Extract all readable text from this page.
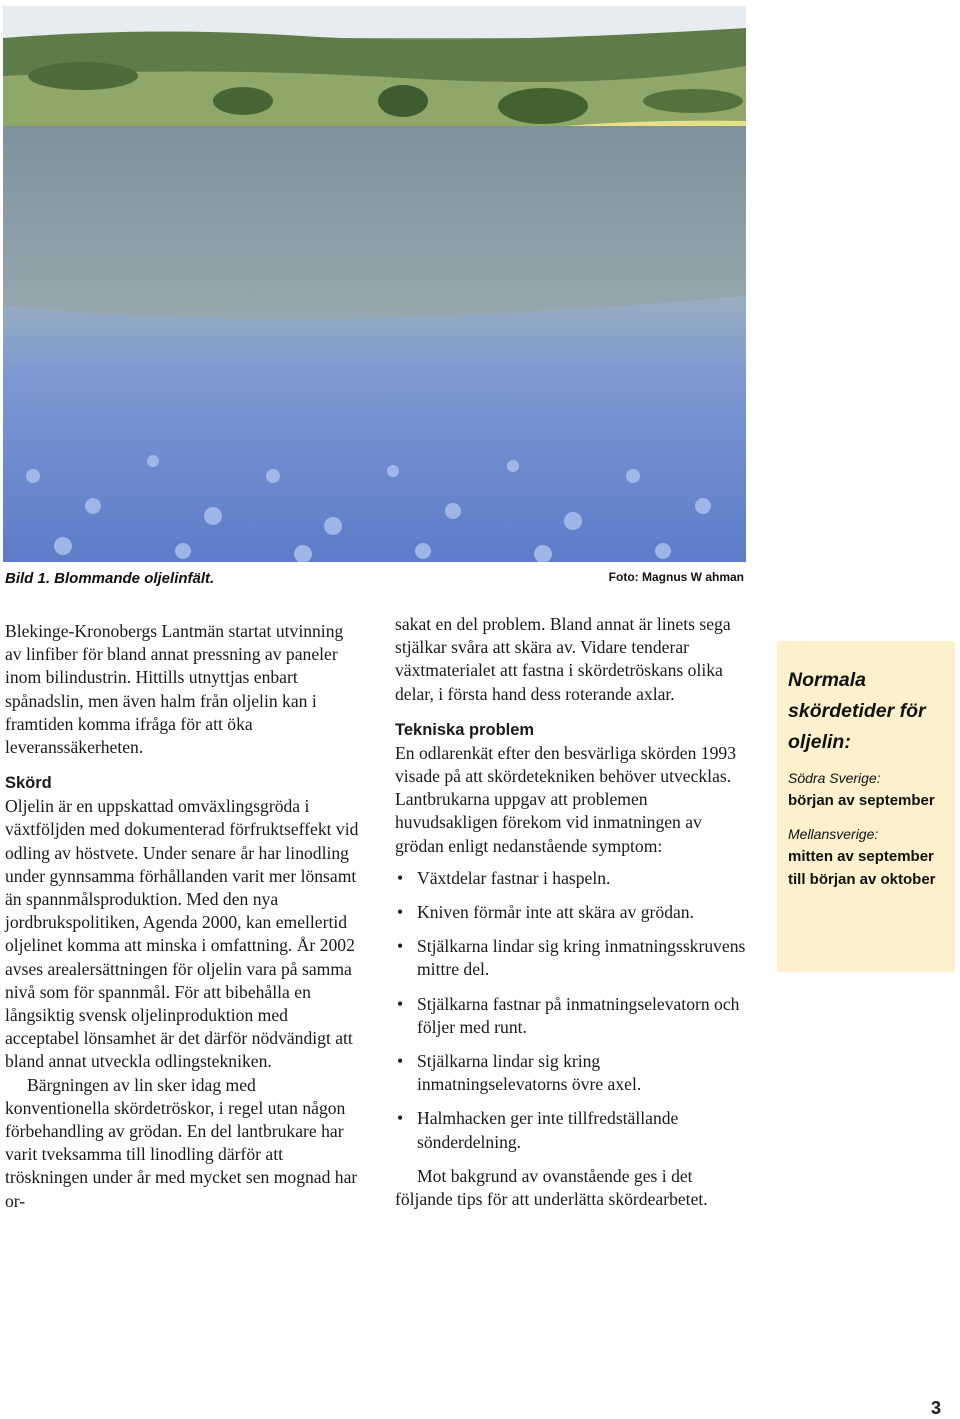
Bild 1. Blommande oljelinfält.	Foto: Magnus W ahman

Blekinge-Kronobergs Lantmän startat utvinning av linfiber för bland annat pressning av paneler inom bilindustrin. Hittills utnyttjas enbart spånadslin, men även halm från oljelin kan i framtiden komma ifråga för att öka leveranssäkerheten.

Skörd

Oljelin är en uppskattad omväxlingsgröda i växtföljden med dokumenterad förfruktseffekt vid odling av höstvete. Under senare år har linodling under gynnsamma förhållanden varit mer lönsamt än spannmålsproduktion. Med den nya jordbrukspolitiken, Agenda 2000, kan emellertid oljelinet komma att minska i omfattning. År 2002 avses arealersättningen för oljelin vara på samma nivå som för spannmål. För att bibehålla en långsiktig svensk oljelinproduktion med acceptabel lönsamhet är det därför nödvändigt att bland annat utveckla odlingstekniken.

Bärgningen av lin sker idag med konventionella skördetröskor, i regel utan någon förbehandling av grödan. En del lantbrukare har varit tveksamma till linodling därför att tröskningen under år med mycket sen mognad har or-

sakat en del problem. Bland annat är linets sega stjälkar svåra att skära av. Vidare tenderar växtmaterialet att fastna i skördetröskans olika delar, i första hand dess roterande axlar.

Tekniska problem

En odlarenkät efter den besvärliga skörden 1993 visade på att skördetekniken behöver utvecklas. Lantbrukarna uppgav att problemen huvudsakligen förekom vid inmatningen av grödan enligt nedanstående symptom:

• Växtdelar fastnar i haspeln.
• Kniven förmår inte att skära av grödan.
• Stjälkarna lindar sig kring inmatningsskruvens mittre del.
• Stjälkarna fastnar på inmatningselevatorn och följer med runt.
• Stjälkarna lindar sig kring inmatningselevatorns övre axel.
• Halmhacken ger inte tillfredställande sönderdelning.

Mot bakgrund av ovanstående ges i det följande tips för att underlätta skördearbetet.

Normala skördetider för oljelin:
Södra Sverige:
början av september
Mellansverige:
mitten av september till början av oktober
3
